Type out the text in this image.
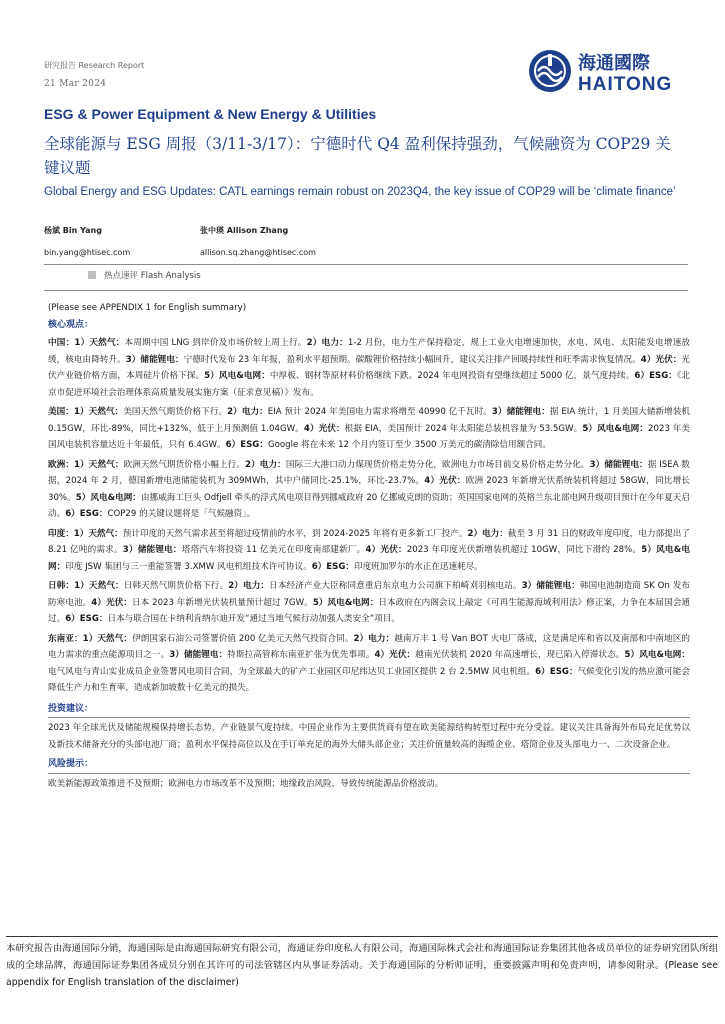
研究报告 Research Report
21 Mar 2024
海通國際
HAITONG
ESG & Power Equipment & New Energy & Utilities
全球能源与 ESG 周报（3/11-3/17）：宁德时代 Q4 盈利保持强劲，气候融资为 COP29 关键议题
Global Energy and ESG Updates: CATL earnings remain robust on 2023Q4, the key issue of COP29 will be ‘climate finance’
杨斌 Bin Yang	张中瑛 Allison Zhang
bin.yang@htisec.com	allison.sq.zhang@htisec.com
热点速评 Flash Analysis

(Please see APPENDIX 1 for English summary)

核心观点：

中国：1）天然气：本周期中国 LNG 到岸价及市场价较上周上行。2）电力：1-2 月份，电力生产保持稳定，规上工业火电增速加快，水电、风电、太阳能发电增速放缓，核电由降转升。3）储能锂电：宁德时代发布 23 年年报，盈利水平超预期。碳酸锂价格持续小幅回升，建议关注排产回暖持续性和旺季需求恢复情况。4）光伏：光伏产业链价格方面，本周硅片价格下探。5）风电&电网：中厚板、钢材等原材料价格继续下跌。2024 年电网投资有望继续超过 5000 亿，景气度持续。6）ESG：《北京市促进环境社会治理体系高质量发展实施方案（征求意见稿）》发布。

美国：1）天然气：美国天然气期货价格下行。2）电力：EIA 预计 2024 年美国电力需求将增至 40990 亿千瓦时。3）储能锂电：据 EIA 统计，1 月美国大储新增装机 0.15GW，环比-89%，同比+132%，低于上月预测值 1.04GW。4）光伏：根据 EIA，美国预计 2024 年太阳能总装机容量为 53.5GW。5）风电&电网：2023 年美国风电装机容量达近十年最低，只有 6.4GW。6）ESG：Google 将在未来 12 个月内签订至少 3500 万美元的碳清除信用额合同。

欧洲：1）天然气：欧洲天然气期货价格小幅上行。2）电力：国际三大港口动力煤现货价格走势分化，欧洲电力市场目前交易价格走势分化。3）储能锂电：据 ISEA 数据，2024 年 2 月，德国新增电池储能装机为 309MWh，其中户储同比-25.1%，环比-23.7%。4）光伏：欧洲 2023 年新增光伏系统装机将超过 58GW，同比增长 30%。5）风电&电网：由挪威海工巨头 Odfjell 牵头的浮式风电项目得到挪威政府 20 亿挪威克朗的资助；英国国家电网的英格兰东北部电网升级项目预计在今年夏天启动。6）ESG：COP29 的关键议题将是「气候融资」。

印度：1）天然气：预计印度的天然气需求甚至将超过疫情前的水平，到 2024-2025 年将有更多新工厂投产。2）电力：截至 3 月 31 日的财政年度印度，电力部提出了 8.21 亿吨的需求。3）储能锂电：塔塔汽车将投资 11 亿美元在印度南部建新厂。4）光伏：2023 年印度光伏新增装机超过 10GW，同比下滑约 28%。5）风电&电网：印度 JSW 集团与三一重能签署 3.XMW 风电机组技术许可协议。6）ESG：印度班加罗尔的水正在迅速耗尽。

日韩：1）天然气：日韩天然气期货价格下行。2）电力：日本经济产业大臣称同意重启东京电力公司旗下柏崎刈羽核电站。3）储能锂电：韩国电池制造商 SK On 发布防寒电池。4）光伏：日本 2023 年新增光伏装机量预计超过 7GW。5）风电&电网：日本政府在内阁会议上敲定《可再生能源海域利用法》修正案，力争在本届国会通过。6）ESG：日本与联合国在卡纳利肯纳尔迪开发“通过当地气候行动加强人类安全”项目。

东南亚：1）天然气：伊朗国家石油公司签署价值 200 亿美元天然气投资合同。2）电力：越南万丰 1 号 Van BOT 火电厂落成，这是满足库和省以及南部和中南地区的电力需求的重点能源项目之一。3）储能锂电：特斯拉高管称东南亚扩张为优先事项。4）光伏：越南光伏装机 2020 年高速增长，现已陷入停滞状态。5）风电&电网：电气风电与青山实业成员企业签署风电项目合同，为全球最大的矿产工业园区印尼纬达贝工业园区提供 2 台 2.5MW 风电机组。6）ESG：气候变化引发的热应激可能会降低生产力和生育率，造成新加坡数十亿美元的损失。

投资建议：

2023 年全球光伏及储能规模保持增长态势，产业链景气度持续。中国企业作为主要供货商有望在欧美能源结构转型过程中充分受益。建议关注具备海外布局充足优势以及新技术储备充分的头部电池厂商；盈利水平保持高位以及在手订单充足的海外大储头部企业；关注价值量较高的海缆企业、塔筒企业及头部电力一、二次设备企业。

风险提示：

欧美新能源政策推进不及预期；欧洲电力市场改革不及预期；地缘政治风险，导致传统能源品价格波动。

本研究报告由海通国际分销，海通国际是由海通国际研究有限公司，海通证券印度私人有限公司，海通国际株式会社和海通国际证券集团其他各成员单位的证券研究团队所组成的全球品牌，海通国际证券集团各成员分别在其许可的司法管辖区内从事证券活动。关于海通国际的分析师证明，重要披露声明和免责声明，请参阅附录。(Please see appendix for English translation of the disclaimer)
